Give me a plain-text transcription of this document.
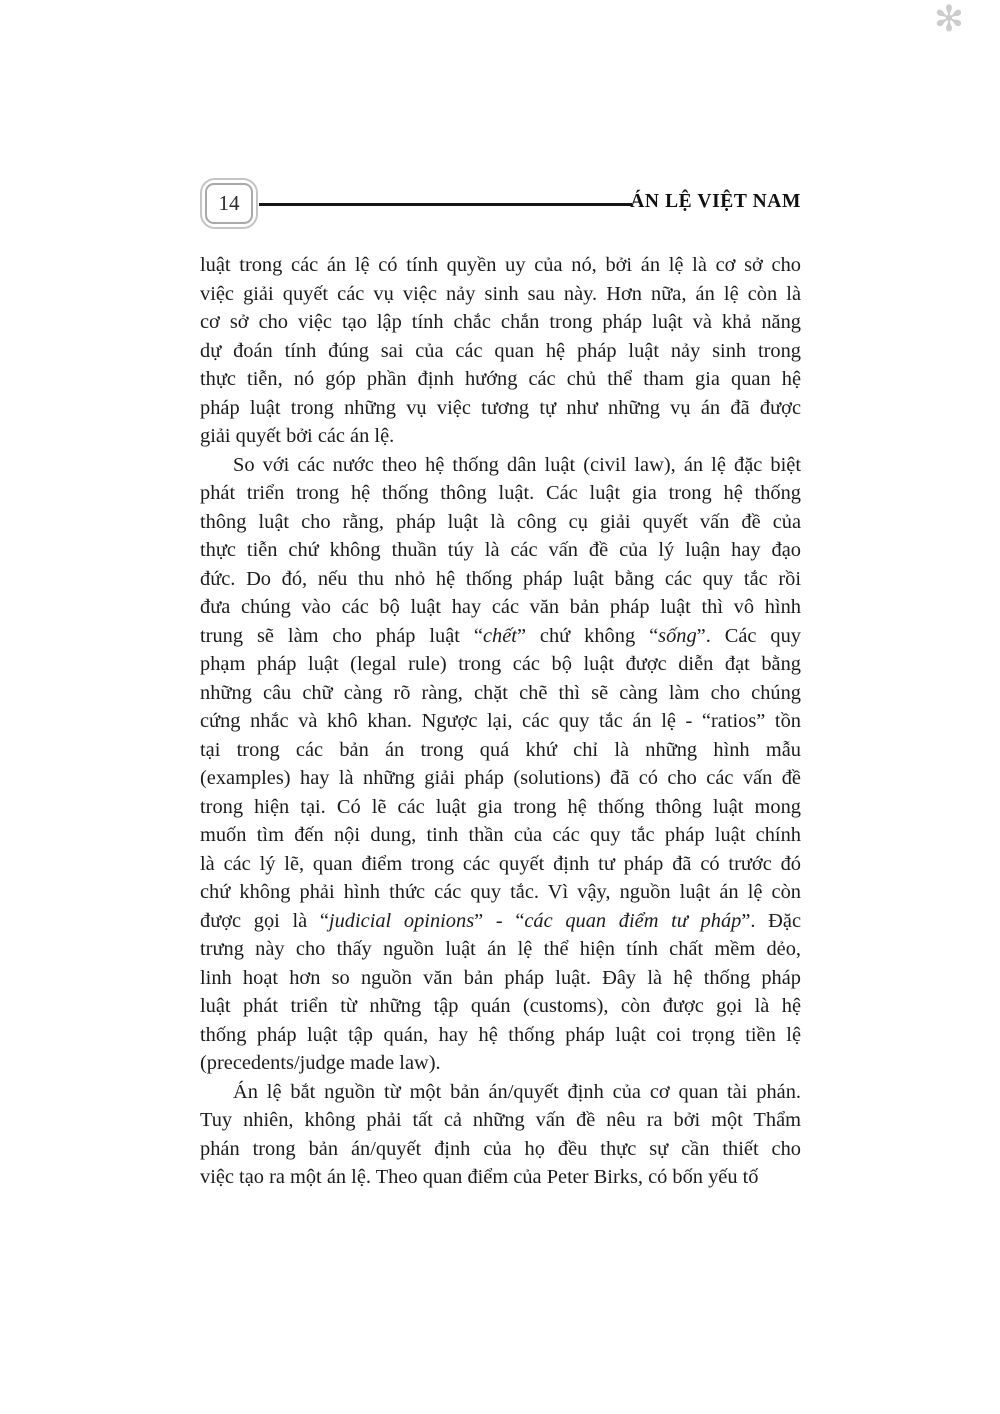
✻
14	ÁN LỆ VIỆT NAM
luật trong các án lệ có tính quyền uy của nó, bởi án lệ là cơ sở cho
việc giải quyết các vụ việc nảy sinh sau này. Hơn nữa, án lệ còn là
cơ sở cho việc tạo lập tính chắc chắn trong pháp luật và khả năng
dự đoán tính đúng sai của các quan hệ pháp luật nảy sinh trong
thực tiễn, nó góp phần định hướng các chủ thể tham gia quan hệ
pháp luật trong những vụ việc tương tự như những vụ án đã được
giải quyết bởi các án lệ.
So với các nước theo hệ thống dân luật (civil law), án lệ đặc biệt
phát triển trong hệ thống thông luật. Các luật gia trong hệ thống
thông luật cho rằng, pháp luật là công cụ giải quyết vấn đề của
thực tiễn chứ không thuần túy là các vấn đề của lý luận hay đạo
đức. Do đó, nếu thu nhỏ hệ thống pháp luật bằng các quy tắc rồi
đưa chúng vào các bộ luật hay các văn bản pháp luật thì vô hình
trung sẽ làm cho pháp luật “chết” chứ không “sống”. Các quy
phạm pháp luật (legal rule) trong các bộ luật được diễn đạt bằng
những câu chữ càng rõ ràng, chặt chẽ thì sẽ càng làm cho chúng
cứng nhắc và khô khan. Ngược lại, các quy tắc án lệ - “ratios” tồn
tại trong các bản án trong quá khứ chỉ là những hình mẫu
(examples) hay là những giải pháp (solutions) đã có cho các vấn đề
trong hiện tại. Có lẽ các luật gia trong hệ thống thông luật mong
muốn tìm đến nội dung, tinh thần của các quy tắc pháp luật chính
là các lý lẽ, quan điểm trong các quyết định tư pháp đã có trước đó
chứ không phải hình thức các quy tắc. Vì vậy, nguồn luật án lệ còn
được gọi là “judicial opinions” - “các quan điểm tư pháp”. Đặc
trưng này cho thấy nguồn luật án lệ thể hiện tính chất mềm dẻo,
linh hoạt hơn so nguồn văn bản pháp luật. Đây là hệ thống pháp
luật phát triển từ những tập quán (customs), còn được gọi là hệ
thống pháp luật tập quán, hay hệ thống pháp luật coi trọng tiền lệ
(precedents/judge made law).
Án lệ bắt nguồn từ một bản án/quyết định của cơ quan tài phán.
Tuy nhiên, không phải tất cả những vấn đề nêu ra bởi một Thẩm
phán trong bản án/quyết định của họ đều thực sự cần thiết cho
việc tạo ra một án lệ. Theo quan điểm của Peter Birks, có bốn yếu tố
